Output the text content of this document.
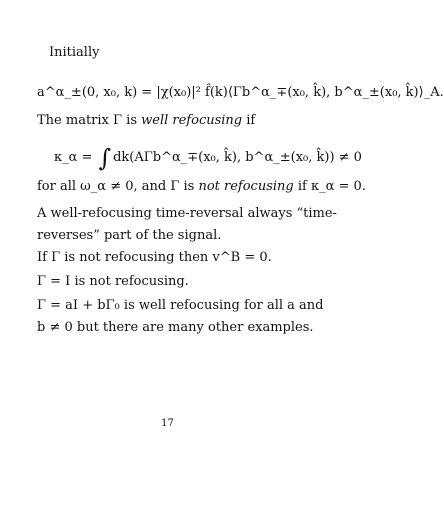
Initially
a^α_±(0, x₀, k) = |χ(x₀)|² f̂(k)⟨Γb^α_∓(x₀, k̂), b^α_±(x₀, k̂)⟩_A.
The matrix Γ is well refocusing if
κ_α = ∫ dk(AΓb^α_∓(x₀, k̂), b^α_±(x₀, k̂)) ≠ 0
for all ω_α ≠ 0, and Γ is not refocusing if κ_α = 0.
A well-refocusing time-reversal always “time-
reverses” part of the signal.
If Γ is not refocusing then v^B = 0.
Γ = I is not refocusing.
Γ = aI + bΓ₀ is well refocusing for all a and
b ≠ 0 but there are many other examples.
17
